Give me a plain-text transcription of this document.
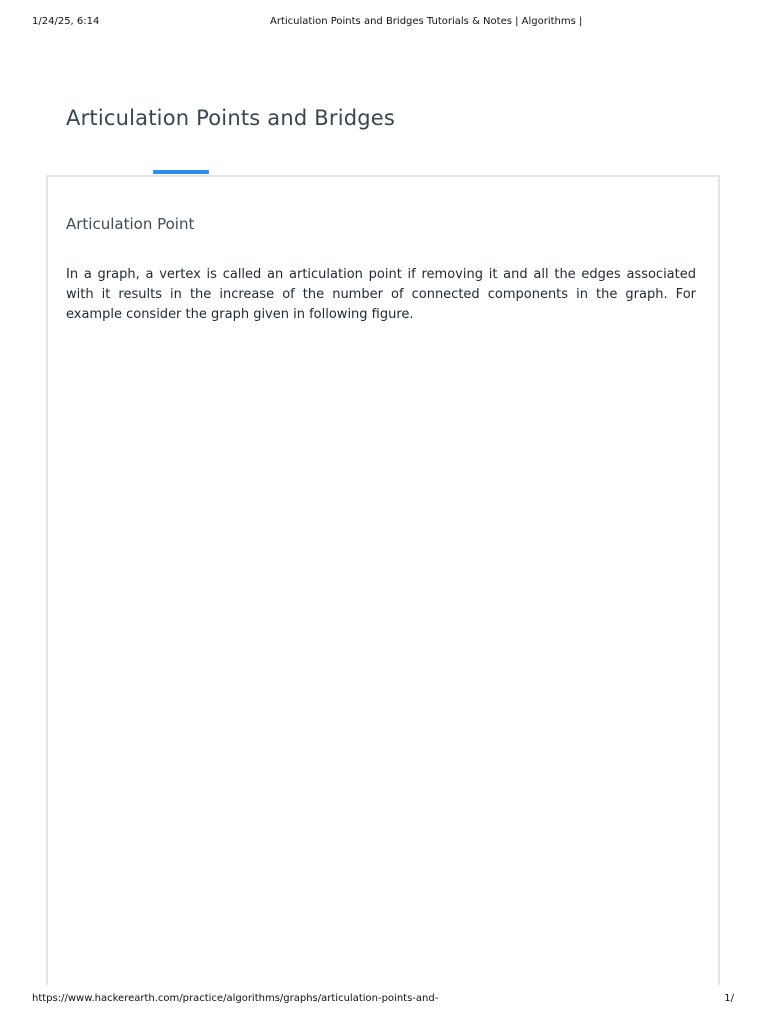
1/24/25, 6:14	Articulation Points and Bridges Tutorials & Notes | Algorithms |
Articulation Points and Bridges
Articulation Point

In a graph, a vertex is called an articulation point if removing it and all the edges associated with it results in the increase of the number of connected components in the graph. For example consider the graph given in following figure.

https://www.hackerearth.com/practice/algorithms/graphs/articulation-points-and-	1/
